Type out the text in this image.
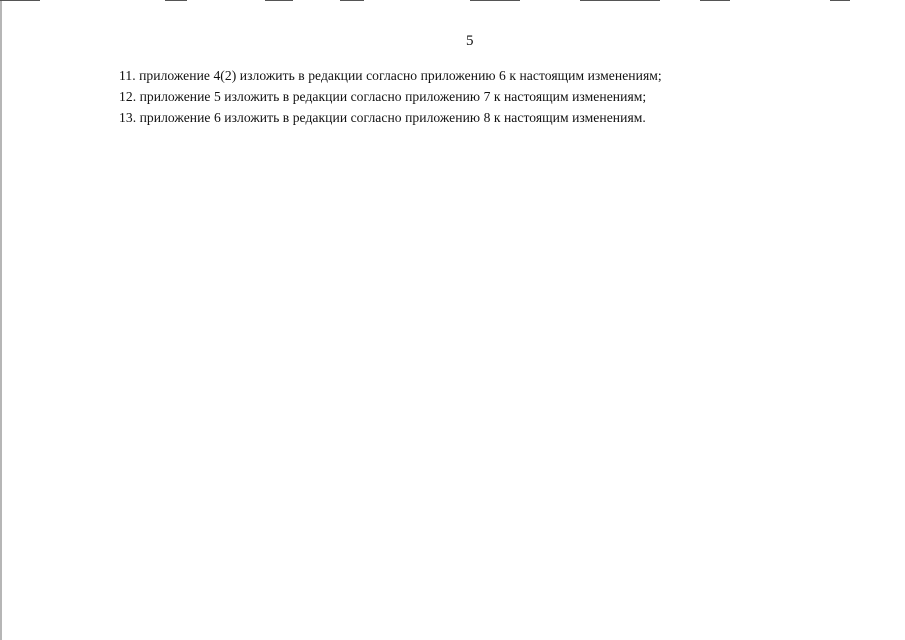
5
11. приложение 4(2) изложить в редакции согласно приложению 6 к настоящим изменениям;
12. приложение 5 изложить в редакции согласно приложению 7 к настоящим изменениям;
13. приложение 6 изложить в редакции согласно приложению 8 к настоящим изменениям.
